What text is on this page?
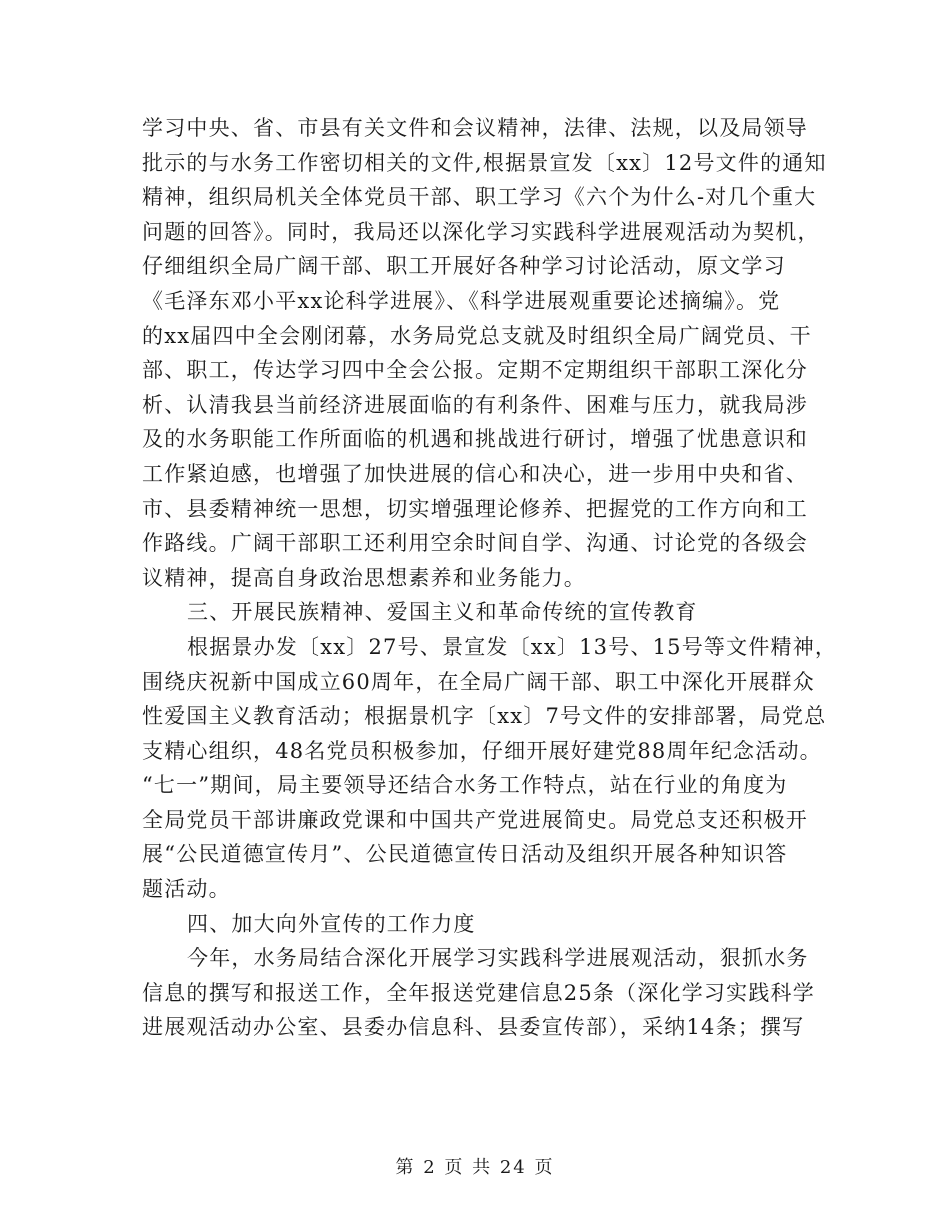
学习中央、省、市县有关文件和会议精神，法律、法规，以及局领导
批示的与水务工作密切相关的文件,根据景宣发〔xx〕12号文件的通知
精神，组织局机关全体党员干部、职工学习《六个为什么-对几个重大
问题的回答》。同时，我局还以深化学习实践科学进展观活动为契机，
仔细组织全局广阔干部、职工开展好各种学习讨论活动，原文学习
《毛泽东邓小平xx论科学进展》、《科学进展观重要论述摘编》。党
的xx届四中全会刚闭幕，水务局党总支就及时组织全局广阔党员、干
部、职工，传达学习四中全会公报。定期不定期组织干部职工深化分
析、认清我县当前经济进展面临的有利条件、困难与压力，就我局涉
及的水务职能工作所面临的机遇和挑战进行研讨，增强了忧患意识和
工作紧迫感，也增强了加快进展的信心和决心，进一步用中央和省、
市、县委精神统一思想，切实增强理论修养、把握党的工作方向和工
作路线。广阔干部职工还利用空余时间自学、沟通、讨论党的各级会
议精神，提高自身政治思想素养和业务能力。
三、开展民族精神、爱国主义和革命传统的宣传教育
根据景办发〔xx〕27号、景宣发〔xx〕13号、15号等文件精神，
围绕庆祝新中国成立60周年，在全局广阔干部、职工中深化开展群众
性爱国主义教育活动；根据景机字〔xx〕7号文件的安排部署，局党总
支精心组织，48名党员积极参加，仔细开展好建党88周年纪念活动。
“七一”期间，局主要领导还结合水务工作特点，站在行业的角度为
全局党员干部讲廉政党课和中国共产党进展简史。局党总支还积极开
展“公民道德宣传月”、公民道德宣传日活动及组织开展各种知识答
题活动。
四、加大向外宣传的工作力度
今年，水务局结合深化开展学习实践科学进展观活动，狠抓水务
信息的撰写和报送工作，全年报送党建信息25条（深化学习实践科学
进展观活动办公室、县委办信息科、县委宣传部），采纳14条；撰写
第 2 页 共 24 页
